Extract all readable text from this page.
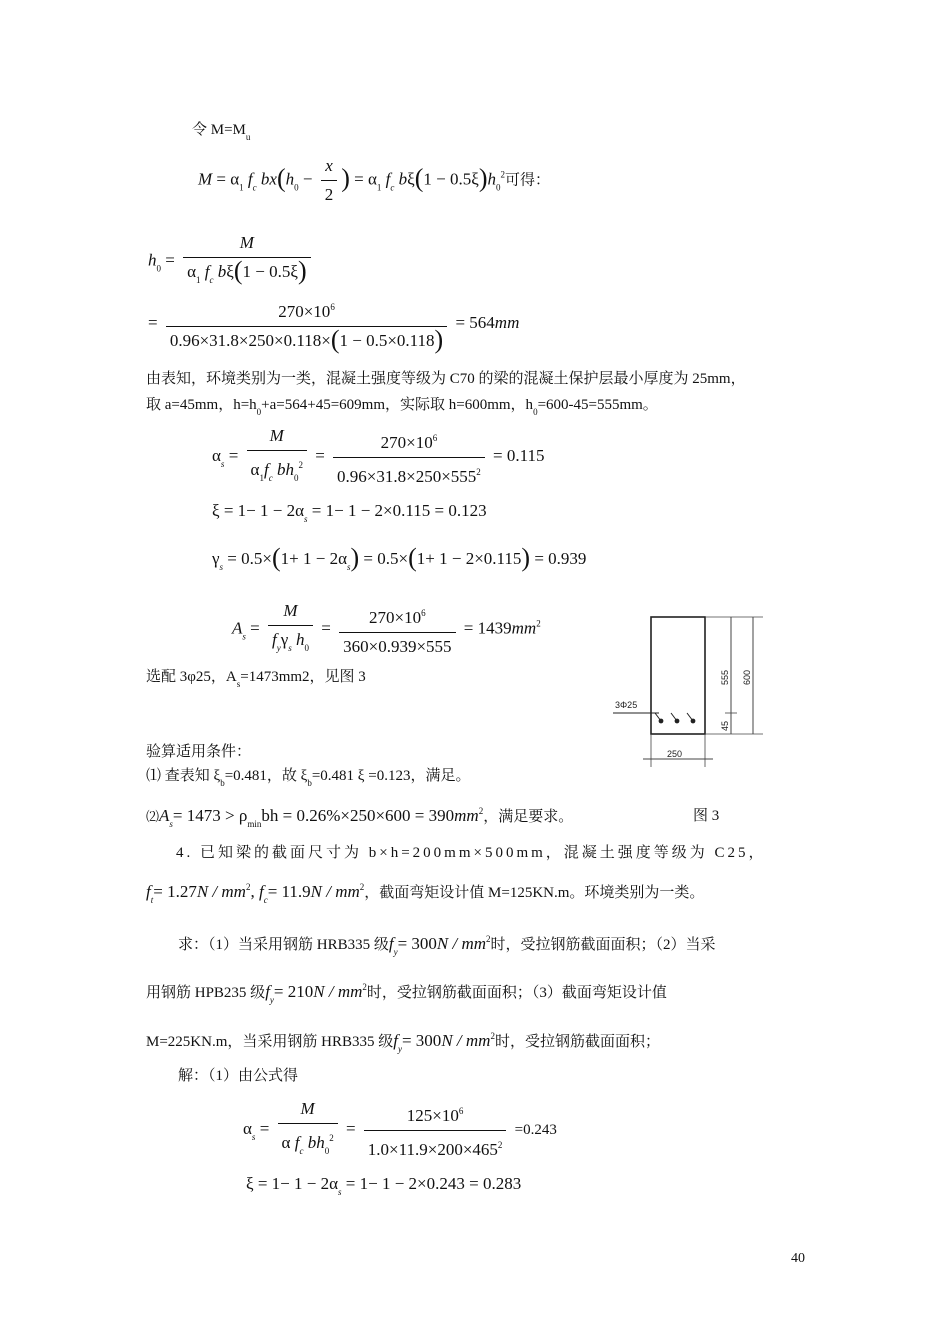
令 $M=M_u$
$M = \alpha_1$ $f_c$ $bx(h_0 - \frac{x}{2}$ ) = $\alpha_1$ $f_c$ $b\xi(1 - 0.5\xi)h_0^2$可得：
$h_0 = \frac{M}{\alpha_1 f_c b\xi(1 - 0.5\xi)}$
= $\frac{270\times 10^6}{0.96\times 31.8\times 250\times 0.118\times(1 - 0.5\times 0.118)} = 564mm$
由表知，环境类别为一类，混凝土强度等级为 C70 的梁的混凝土保护层最小厚度为 25mm，
取 a=45mm，$h=h_0+a=564+45=609mm$，实际取 h=600mm，$h_0=600-45=555mm$。
$\alpha_s = \frac{M}{\alpha_1f_c bh_0^2} = \frac{270\times 10^6}{0.96\times 31.8\times 250\times 555^2} = 0.115$
$\xi = 1- 1 - 2\alpha_s = 1- 1 - 2\times 0.115 = 0.123$
$\gamma_s = 0.5\times(1+ 1 - 2\alpha_s) = 0.5\times(1+ 1 - 2\times 0.115) = 0.939$
$A_s = \frac{M}{f_y\gamma_s h_0} = \frac{270\times 10^6}{360\times 0.939\times 555} = 1439mm^2$
3Φ25
555 600
45
250
选配 3φ25，$A_s=1473mm2$，见图 3
验算适用条件：
⑴ 查表知 $\xi_b=0.481$，故 $\xi_b=0.481$ ξ =0.123，满足。
$⑵A_s= 1473 > \rho_{min}bh = 0.26\%\times 250\times 600 = 390mm^2$，满足要求。	图 3
4. 已知梁的截面尺寸为 b×h=200mm×500mm，混凝土强度等级为 C25，
$f_t= 1.27N / mm^2$, $f_c= 11.9N / mm^2$，截面弯矩设计值 M=125KN.m。环境类别为一类。
求：（1）当采用钢筋 HRB335 级$f_y= 300N / mm^2$时，受拉钢筋截面面积；（2）当采
用钢筋 HPB235 级$f_y= 210N / mm^2$时，受拉钢筋截面面积；（3）截面弯矩设计值
M=225KN.m，当采用钢筋 HRB335 级$f_y= 300N / mm^2$时，受拉钢筋截面面积；
解：（1）由公式得
$\alpha_s = \frac{M}{\alpha f_c bh_0^2} = \frac{125\times 10^6}{1.0\times 11.9\times 200\times 465^2} =0.243$
$\xi = 1- 1 - 2\alpha_s = 1- 1 - 2\times 0.243 = 0.283$
40
